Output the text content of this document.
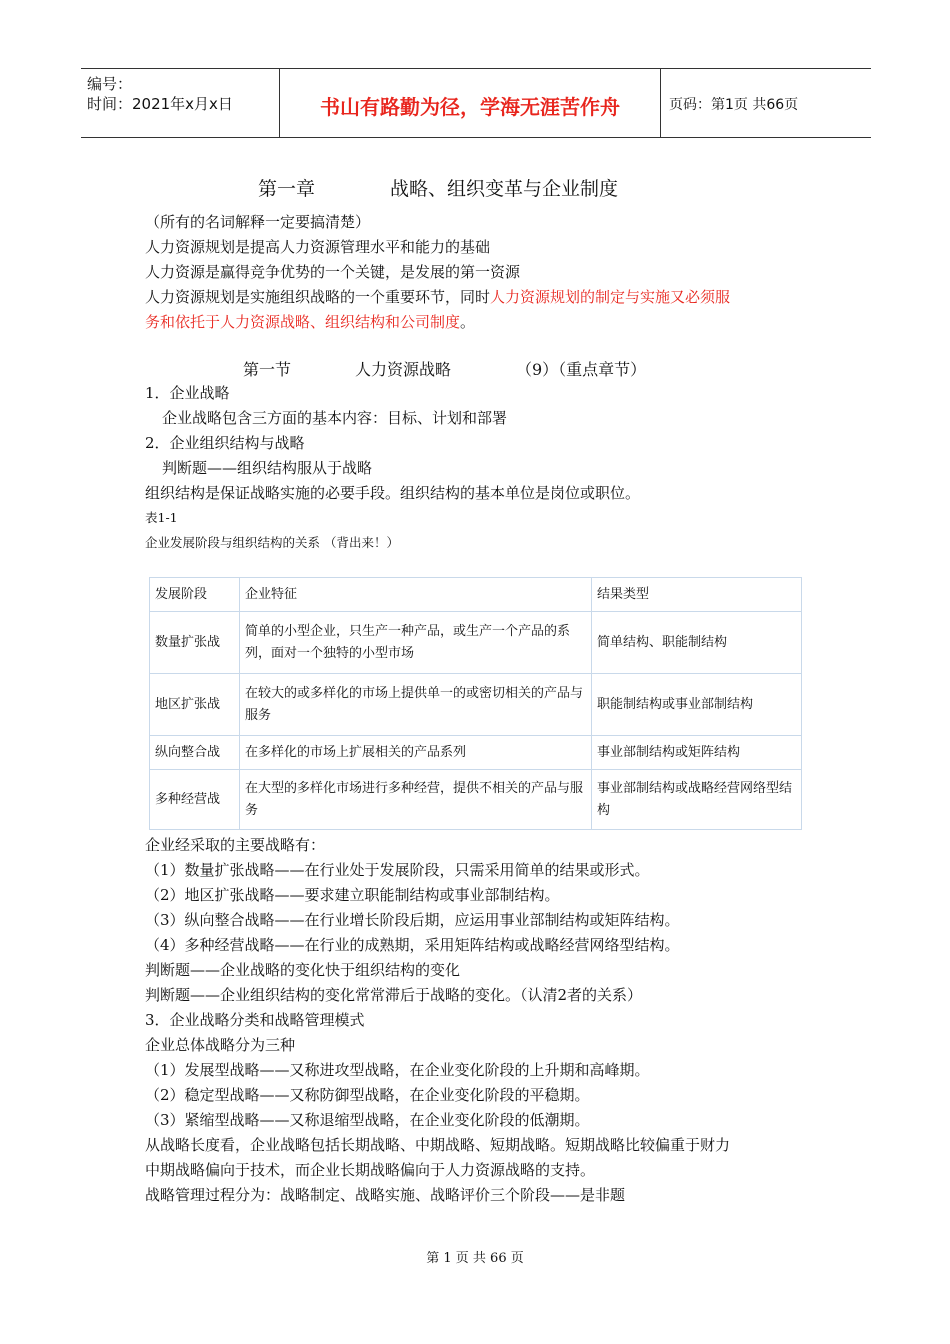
编号：
时间：2021年x月x日	书山有路勤为径，学海无涯苦作舟	页码：第1页 共66页
第一章	战略、组织变革与企业制度
（所有的名词解释一定要搞清楚）
人力资源规划是提高人力资源管理水平和能力的基础
人力资源是赢得竞争优势的一个关键，是发展的第一资源
人力资源规划是实施组织战略的一个重要环节，同时人力资源规划的制定与实施又必须服
务和依托于人力资源战略、组织结构和公司制度。
第一节	人力资源战略	（9）（重点章节）
1．企业战略
企业战略包含三方面的基本内容：目标、计划和部署
2．企业组织结构与战略
判断题——组织结构服从于战略
组织结构是保证战略实施的必要手段。组织结构的基本单位是岗位或职位。
表1-1
企业发展阶段与组织结构的关系 （背出来！）
发展阶段	企业特征	结果类型
数量扩张战	简单的小型企业，只生产一种产品，或生产一个产品的系列，面对一个独特的小型市场	简单结构、职能制结构
地区扩张战	在较大的或多样化的市场上提供单一的或密切相关的产品与服务	职能制结构或事业部制结构
纵向整合战	在多样化的市场上扩展相关的产品系列	事业部制结构或矩阵结构
多种经营战	在大型的多样化市场进行多种经营，提供不相关的产品与服务	事业部制结构或战略经营网络型结构
企业经采取的主要战略有：
（1）数量扩张战略——在行业处于发展阶段，只需采用简单的结果或形式。
（2）地区扩张战略——要求建立职能制结构或事业部制结构。
（3）纵向整合战略——在行业增长阶段后期，应运用事业部制结构或矩阵结构。
（4）多种经营战略——在行业的成熟期，采用矩阵结构或战略经营网络型结构。
判断题——企业战略的变化快于组织结构的变化
判断题——企业组织结构的变化常常滞后于战略的变化。（认清2者的关系）
3．企业战略分类和战略管理模式
企业总体战略分为三种
（1）发展型战略——又称进攻型战略，在企业变化阶段的上升期和高峰期。
（2）稳定型战略——又称防御型战略，在企业变化阶段的平稳期。
（3）紧缩型战略——又称退缩型战略，在企业变化阶段的低潮期。
从战略长度看，企业战略包括长期战略、中期战略、短期战略。短期战略比较偏重于财力
中期战略偏向于技术，而企业长期战略偏向于人力资源战略的支持。
战略管理过程分为：战略制定、战略实施、战略评价三个阶段——是非题
第 1 页 共 66 页
